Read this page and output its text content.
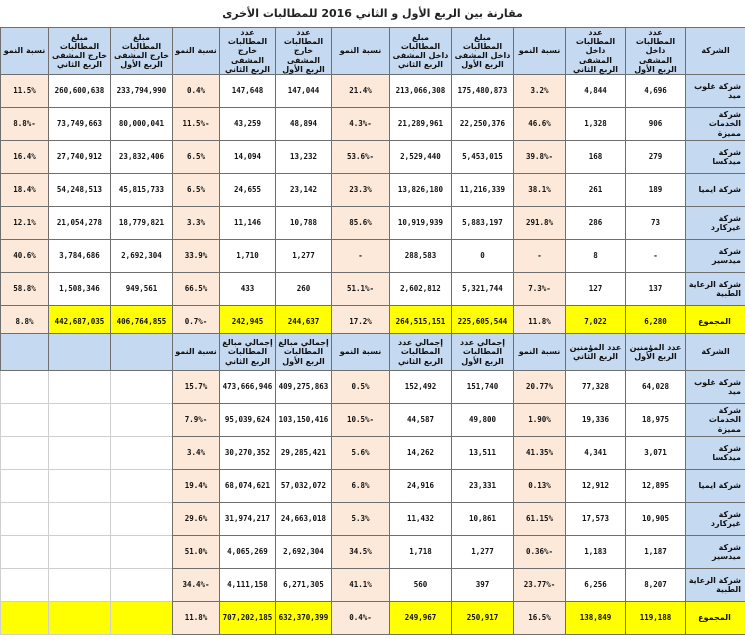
مقارنة بين الربع الأول و الثاني 2016 للمطالبات الأخرى
الشركة	عدد المطالبات داخل المشفى الربع الأول	عدد المطالبات داخل المشفى الربع الثاني	نسبة النمو	مبلغ المطالبات داخل المشفى الربع الأول	مبلغ المطالبات داخل المشفى الربع الثاني	نسبة النمو	عدد المطالبات خارج المشفى الربع الأول	عدد المطالبات خارج المشفى الربع الثاني	نسبة النمو	مبلغ المطالبات خارج المشفى الربع الأول	مبلغ المطالبات خارج المشفى الربع الثاني	نسبة النمو
شركة غلوب ميد	4,696	4,844	3.2%	175,480,873	213,066,308	21.4%	147,044	147,648	0.4%	233,794,990	260,600,638	11.5%
شركة الخدمات مميزة	906	1,328	46.6%	22,250,376	21,289,961	-4.3%	48,894	43,259	-11.5%	80,000,041	73,749,663	-8.8%
شركة ميدكسا	279	168	-39.8%	5,453,015	2,529,440	-53.6%	13,232	14,094	6.5%	23,832,406	27,740,912	16.4%
شركة ايميا	189	261	38.1%	11,216,339	13,826,180	23.3%	23,142	24,655	6.5%	45,815,733	54,248,513	18.4%
شركة غيركارد	73	286	291.8%	5,883,197	10,919,939	85.6%	10,788	11,146	3.3%	18,779,821	21,054,278	12.1%
شركة ميدسير	-	8	-	0	288,583	-	1,277	1,710	33.9%	2,692,304	3,784,686	40.6%
شركة الرعاية الطبية	137	127	-7.3%	5,321,744	2,602,812	-51.1%	260	433	66.5%	949,561	1,508,346	58.8%
المجموع	6,280	7,022	11.8%	225,605,544	264,515,151	17.2%	244,637	242,945	-0.7%	406,764,855	442,687,035	8.8%
الشركة	عدد المؤمنين الربع الأول	عدد المؤمنين الربع الثاني	نسبة النمو	إجمالي عدد المطالبات الربع الأول	إجمالي عدد المطالبات الربع الثاني	نسبة النمو	إجمالي مبالغ المطالبات الربع الأول	إجمالي مبالغ المطالبات الربع الثاني	نسبة النمو			
شركة غلوب ميد	64,028	77,328	20.77%	151,740	152,492	0.5%	409,275,863	473,666,946	15.7%			
شركة الخدمات مميزة	18,975	19,336	1.90%	49,800	44,587	-10.5%	103,150,416	95,039,624	-7.9%			
شركة ميدكسا	3,071	4,341	41.35%	13,511	14,262	5.6%	29,285,421	30,270,352	3.4%			
شركة ايميا	12,895	12,912	0.13%	23,331	24,916	6.8%	57,032,072	68,074,621	19.4%			
شركة غيركارد	10,905	17,573	61.15%	10,861	11,432	5.3%	24,663,018	31,974,217	29.6%			
شركة ميدسير	1,187	1,183	-0.36%	1,277	1,718	34.5%	2,692,304	4,065,269	51.0%			
شركة الرعاية الطبية	8,207	6,256	-23.77%	397	560	41.1%	6,271,305	4,111,158	-34.4%			
المجموع	119,188	138,849	16.5%	250,917	249,967	-0.4%	632,370,399	707,202,185	11.8%			
